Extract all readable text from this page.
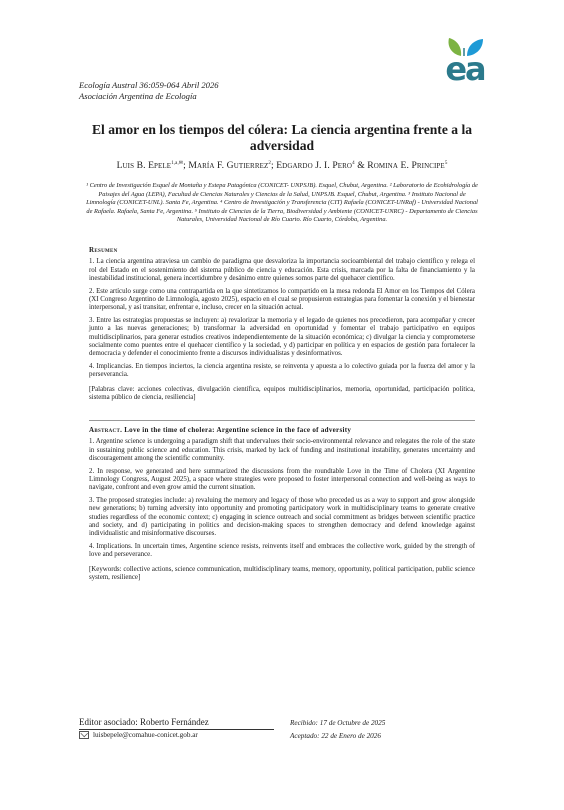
Ecología Austral 36:059-064 Abril 2026
Asociación Argentina de Ecología
ea
El amor en los tiempos del cólera: La ciencia argentina frente a la adversidad
Luis B. Epele$^{1,a,✉}$; María F. Gutierrez$^2$; Edgardo J. I. Pero$^4$ & Romina E. Principe$^5$
¹ Centro de Investigación Esquel de Montaña y Estepa Patagónica (CONICET- UNPSJB). Esquel, Chubut, Argentina. ² Laboratorio de Ecohidrología de Paisajes del Agua (LEPA), Facultad de Ciencias Naturales y Ciencias de la Salud, UNPSJB. Esquel, Chubut, Argentina. ³ Instituto Nacional de Limnología (CONICET-UNL). Santa Fe, Argentina. ⁴ Centro de Investigación y Transferencia (CIT) Rafaela (CONICET-UNRaf) - Universidad Nacional de Rafaela. Rafaela, Santa Fe, Argentina. ⁵ Instituto de Ciencias de la Tierra, Biodiversidad y Ambiente (CONICET-UNRC) - Departamento de Ciencias Naturales, Universidad Nacional de Río Cuarto. Río Cuarto, Córdoba, Argentina.
Resumen

1. La ciencia argentina atraviesa un cambio de paradigma que desvaloriza la importancia socioambiental del trabajo científico y relega el rol del Estado en el sostenimiento del sistema público de ciencia y educación. Esta crisis, marcada por la falta de financiamiento y la inestabilidad institucional, genera incertidumbre y desánimo entre quienes somos parte del quehacer científico.

2. Este artículo surge como una contrapartida en la que sintetizamos lo compartido en la mesa redonda El Amor en los Tiempos del Cólera (XI Congreso Argentino de Limnología, agosto 2025), espacio en el cual se propusieron estrategias para fomentar la conexión y el bienestar interpersonal, y así transitar, enfrentar e, incluso, crecer en la situación actual.

3. Entre las estrategias propuestas se incluyen: a) revalorizar la memoria y el legado de quienes nos precedieron, para acompañar y crecer junto a las nuevas generaciones; b) transformar la adversidad en oportunidad y fomentar el trabajo participativo en equipos multidisciplinarios, para generar estudios creativos independientemente de la situación económica; c) divulgar la ciencia y comprometerse socialmente como puentes entre el quehacer científico y la sociedad, y d) participar en política y en espacios de gestión para fortalecer la democracia y defender el conocimiento frente a discursos individualistas y desinformativos.

4. Implicancias. En tiempos inciertos, la ciencia argentina resiste, se reinventa y apuesta a lo colectivo guiada por la fuerza del amor y la perseverancia.

[Palabras clave: acciones colectivas, divulgación científica, equipos multidisciplinarios, memoria, oportunidad, participación política, sistema público de ciencia, resiliencia]

Abstract. Love in the time of cholera: Argentine science in the face of adversity

1. Argentine science is undergoing a paradigm shift that undervalues their socio-environmental relevance and relegates the role of the state in sustaining public science and education. This crisis, marked by lack of funding and institutional instability, generates uncertainty and discouragement among the scientific community.

2. In response, we generated and here summarized the discussions from the roundtable Love in the Time of Cholera (XI Argentine Limnology Congress, August 2025), a space where strategies were proposed to foster interpersonal connection and well-being as ways to navigate, confront and even grow amid the current situation.

3. The proposed strategies include: a) revaluing the memory and legacy of those who preceded us as a way to support and grow alongside new generations; b) turning adversity into opportunity and promoting participatory work in multidisciplinary teams to generate creative studies regardless of the economic context; c) engaging in science outreach and social commitment as bridges between scientific practice and society, and d) participating in politics and decision-making spaces to strengthen democracy and defend knowledge against individualistic and misinformative discourses.

4. Implications. In uncertain times, Argentine science resists, reinvents itself and embraces the collective work, guided by the strength of love and perseverance.

[Keywords: collective actions, science communication, multidisciplinary teams, memory, opportunity, political participation, public science system, resilience]

Editor asociado: Roberto Fernández
luisbepele@comahue-conicet.gob.ar
Recibido: 17 de Octubre de 2025
Aceptado: 22 de Enero de 2026
